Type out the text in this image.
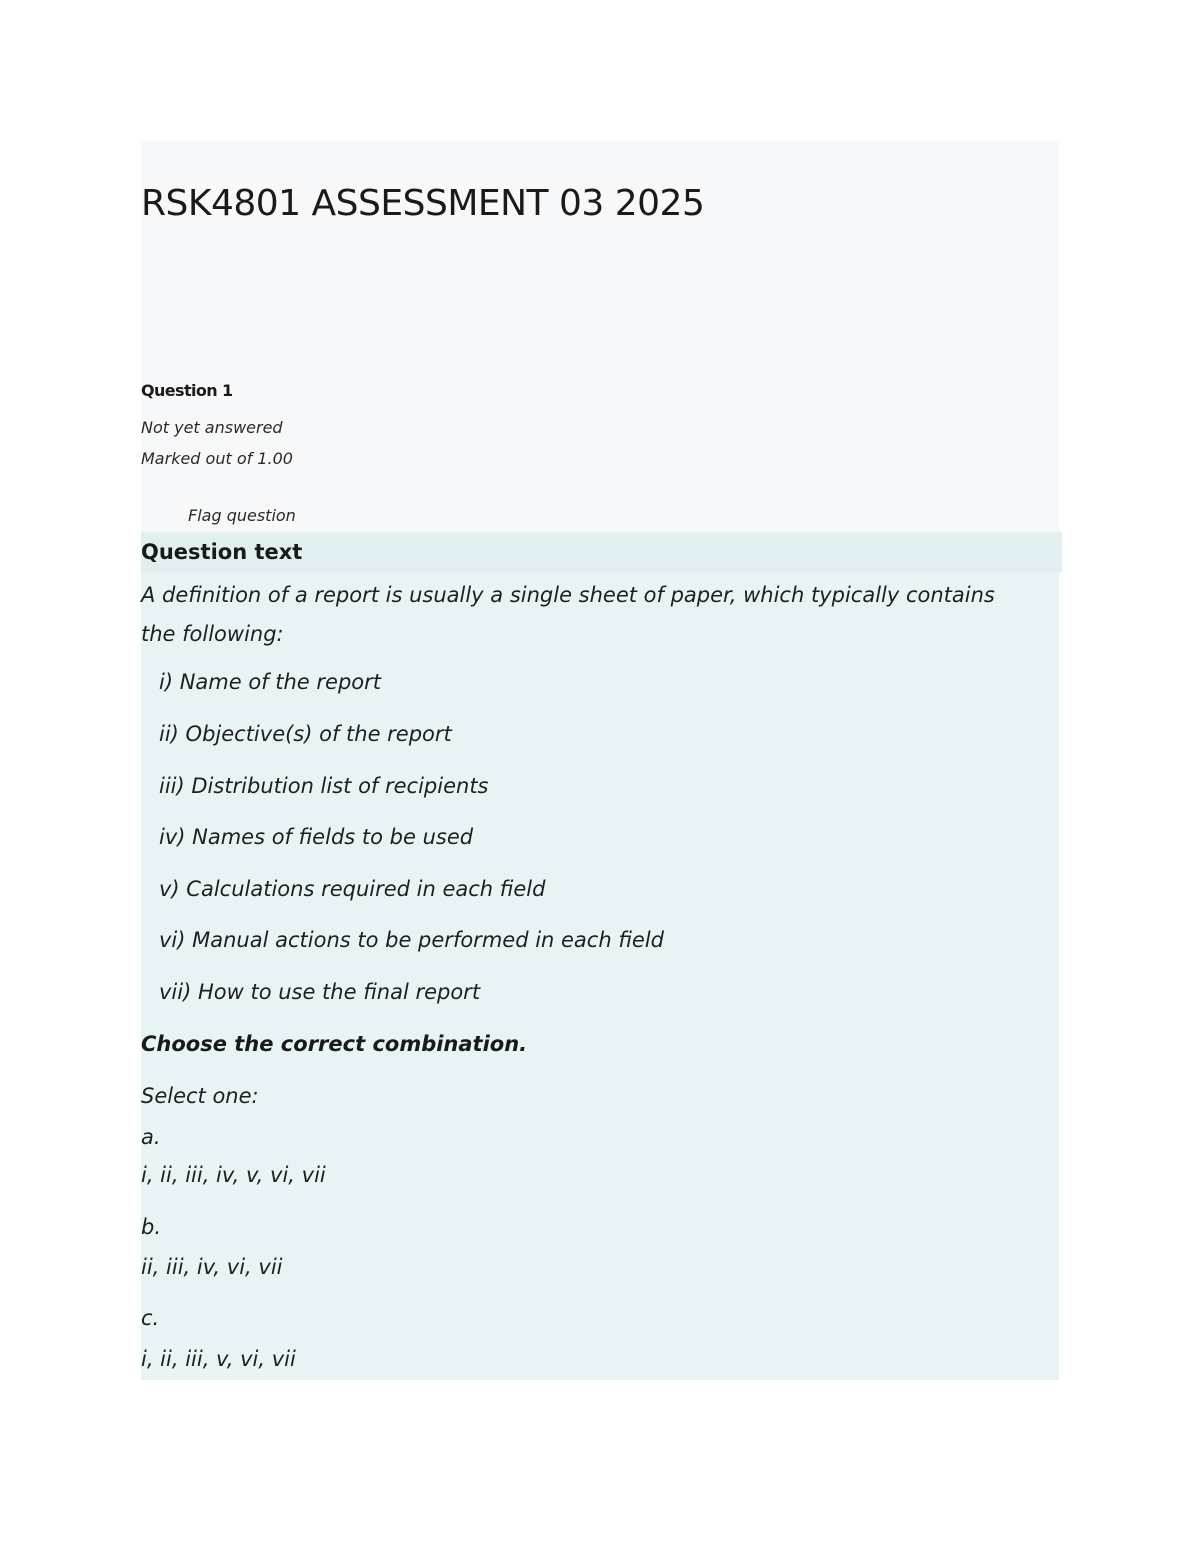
RSK4801 ASSESSMENT 03 2025
Question 1
Not yet answered
Marked out of 1.00
Flag question
Question text
A definition of a report is usually a single sheet of paper, which typically contains the following:
i) Name of the report
ii) Objective(s) of the report
iii) Distribution list of recipients
iv) Names of fields to be used
v) Calculations required in each field
vi) Manual actions to be performed in each field
vii) How to use the final report
Choose the correct combination.
Select one:
a.
i, ii, iii, iv, v, vi, vii
b.
ii, iii, iv, vi, vii
c.
i, ii, iii, v, vi, vii
